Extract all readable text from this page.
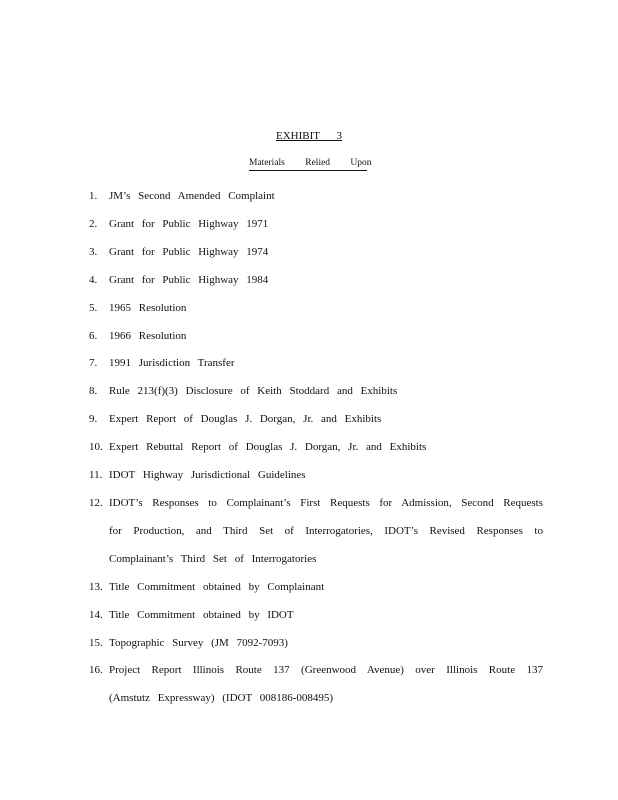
EXHIBIT 3
Materials Relied Upon
1. JM’s Second Amended Complaint
2. Grant for Public Highway 1971
3. Grant for Public Highway 1974
4. Grant for Public Highway 1984
5. 1965 Resolution
6. 1966 Resolution
7. 1991 Jurisdiction Transfer
8. Rule 213(f)(3) Disclosure of Keith Stoddard and Exhibits
9. Expert Report of Douglas J. Dorgan, Jr. and Exhibits
10. Expert Rebuttal Report of Douglas J. Dorgan, Jr. and Exhibits
11. IDOT Highway Jurisdictional Guidelines
12. IDOT’s Responses to Complainant’s First Requests for Admission, Second Requests for Production, and Third Set of Interrogatories, IDOT’s Revised Responses to Complainant’s Third Set of Interrogatories
13. Title Commitment obtained by Complainant
14. Title Commitment obtained by IDOT
15. Topographic Survey (JM 7092-7093)
16. Project Report Illinois Route 137 (Greenwood Avenue) over Illinois Route 137 (Amstutz Expressway) (IDOT 008186-008495)
